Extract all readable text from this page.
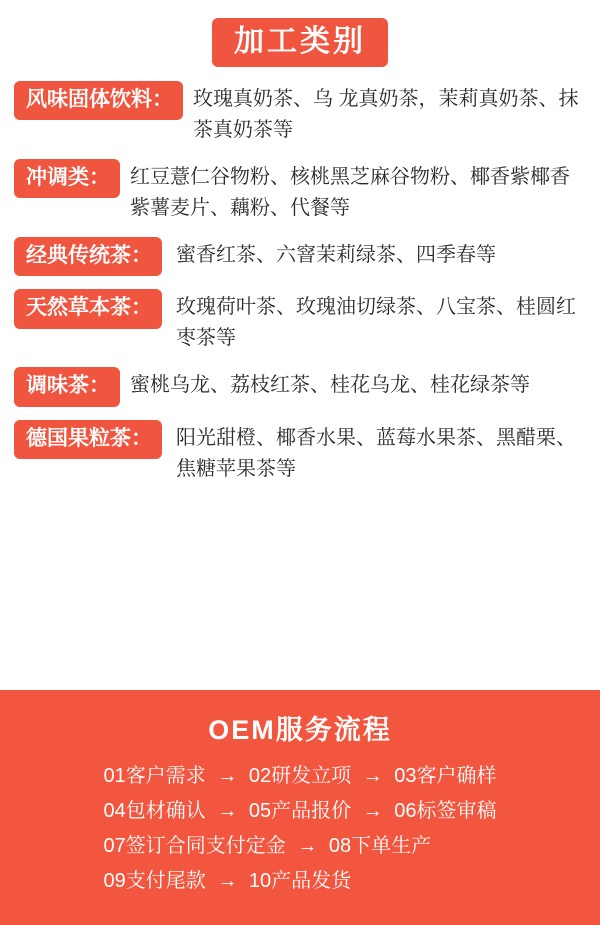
加工类别
风味固体饮料：	玫瑰真奶茶、乌 龙真奶茶，茉莉真奶茶、抹茶真奶茶等
冲调类：	红豆薏仁谷物粉、核桃黑芝麻谷物粉、椰香紫椰香紫薯麦片、藕粉、代餐等
经典传统茶：	蜜香红茶、六窨茉莉绿茶、四季春等
天然草本茶：	玫瑰荷叶茶、玫瑰油切绿茶、八宝茶、桂圆红枣茶等
调味茶：	蜜桃乌龙、荔枝红茶、桂花乌龙、桂花绿茶等
德国果粒茶：	阳光甜橙、椰香水果、蓝莓水果茶、黑醋栗、焦糖苹果茶等
OEM服务流程
01客户需求 → 02研发立项 → 03客户确样
04包材确认 → 05产品报价 → 06标签审稿
07签订合同支付定金 → 08下单生产
09支付尾款 → 10产品发货
